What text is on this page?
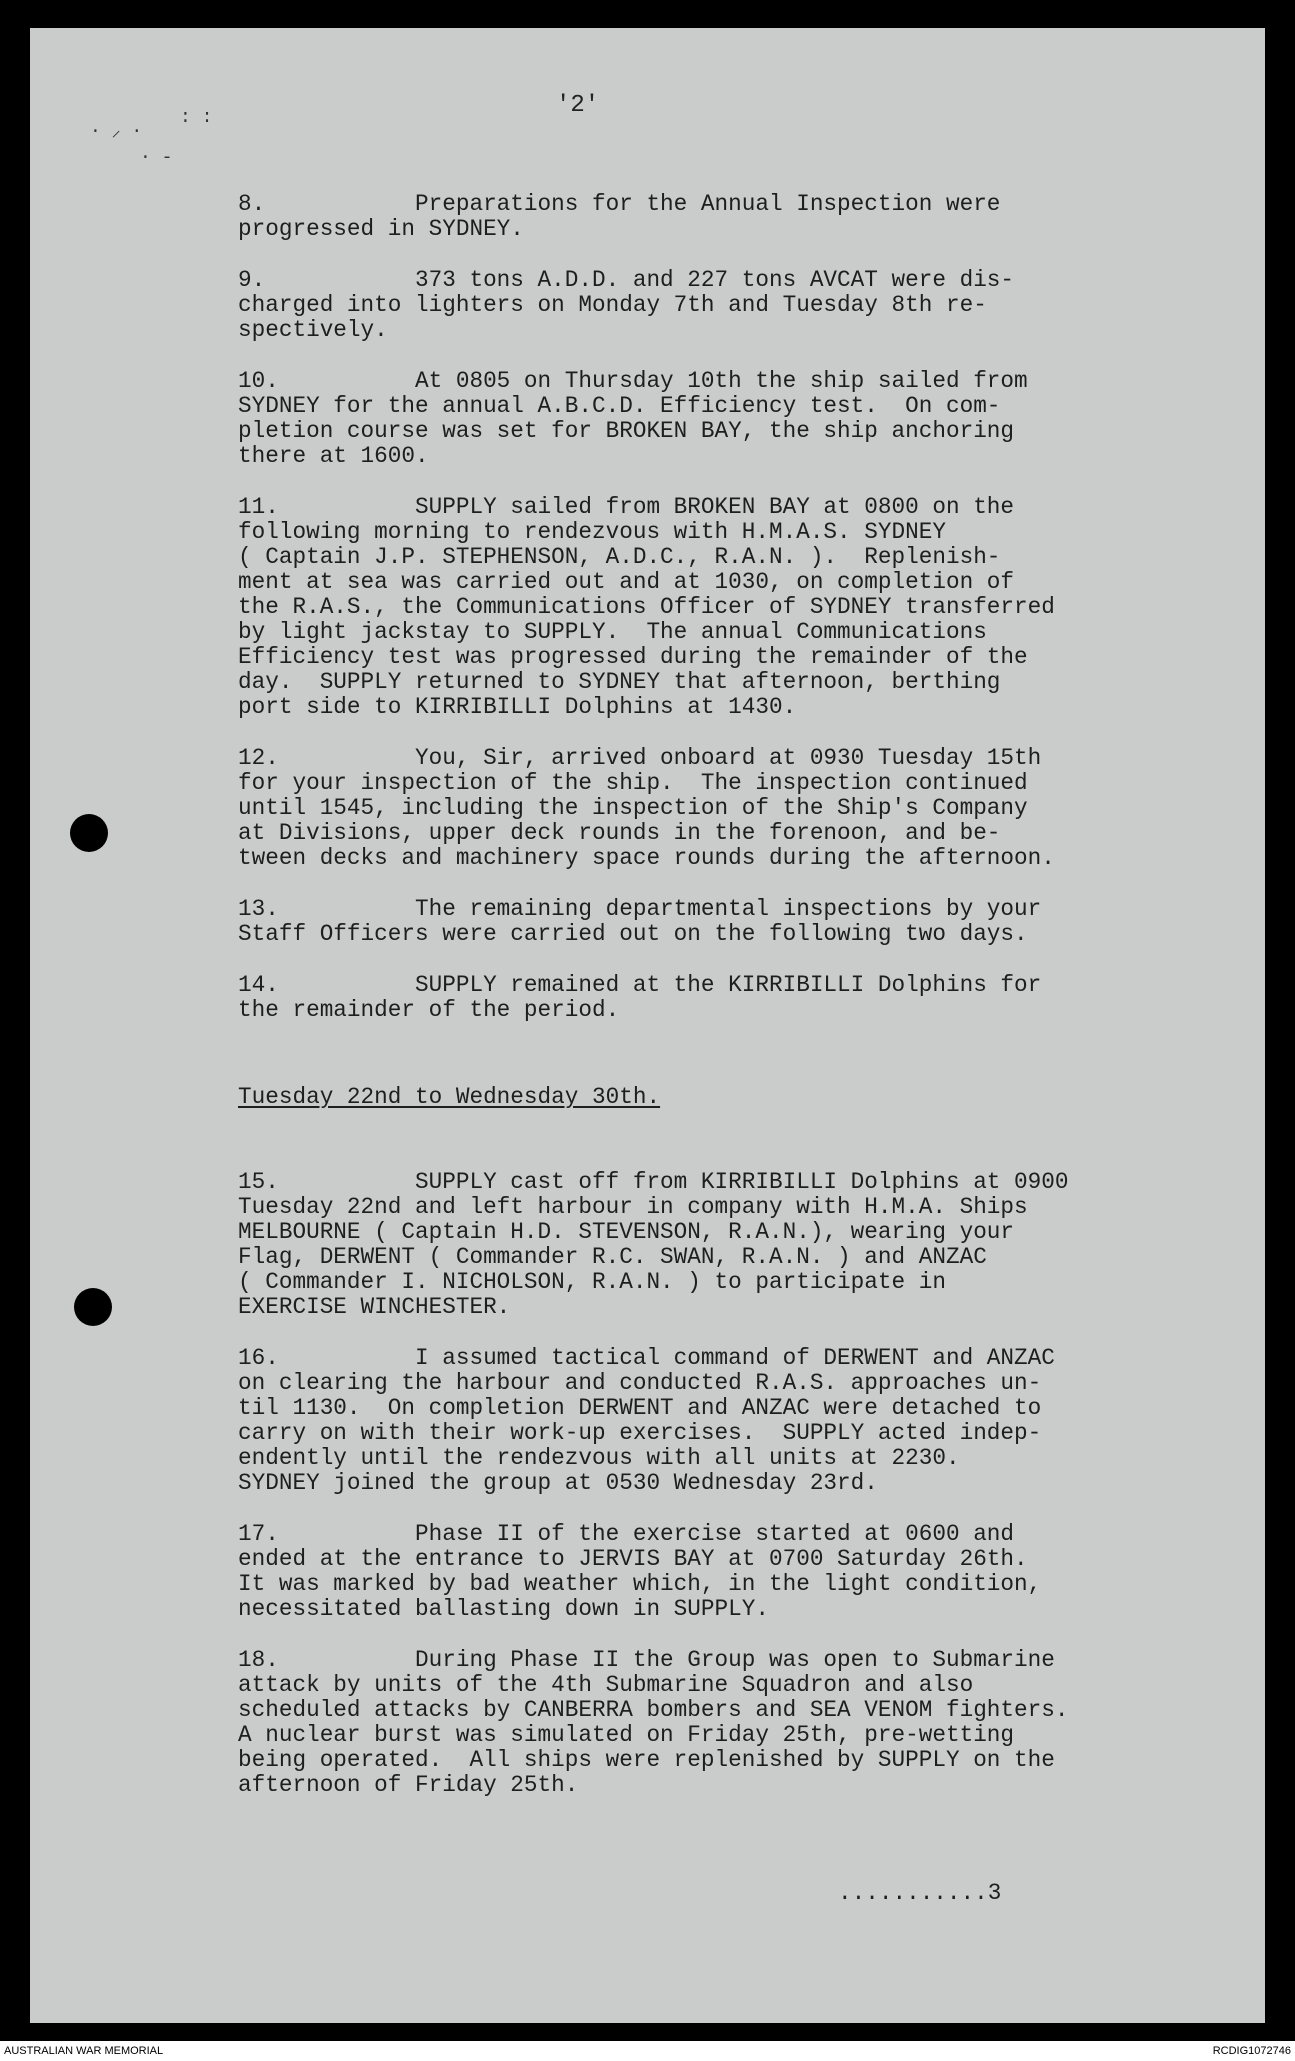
· ⸝ ·
· -
: :	'2'
8.           Preparations for the Annual Inspection were
progressed in SYDNEY.
9.           373 tons A.D.D. and 227 tons AVCAT were dis-
charged into lighters on Monday 7th and Tuesday 8th re-
spectively.
10.          At 0805 on Thursday 10th the ship sailed from
SYDNEY for the annual A.B.C.D. Efficiency test.  On com-
pletion course was set for BROKEN BAY, the ship anchoring
there at 1600.
11.          SUPPLY sailed from BROKEN BAY at 0800 on the
following morning to rendezvous with H.M.A.S. SYDNEY
( Captain J.P. STEPHENSON, A.D.C., R.A.N. ).  Replenish-
ment at sea was carried out and at 1030, on completion of
the R.A.S., the Communications Officer of SYDNEY transferred
by light jackstay to SUPPLY.  The annual Communications
Efficiency test was progressed during the remainder of the
day.  SUPPLY returned to SYDNEY that afternoon, berthing
port side to KIRRIBILLI Dolphins at 1430.
12.          You, Sir, arrived onboard at 0930 Tuesday 15th
for your inspection of the ship.  The inspection continued
until 1545, including the inspection of the Ship's Company
at Divisions, upper deck rounds in the forenoon, and be-
tween decks and machinery space rounds during the afternoon.
13.          The remaining departmental inspections by your
Staff Officers were carried out on the following two days.
14.          SUPPLY remained at the KIRRIBILLI Dolphins for
the remainder of the period.
Tuesday 22nd to Wednesday 30th.
15.          SUPPLY cast off from KIRRIBILLI Dolphins at 0900
Tuesday 22nd and left harbour in company with H.M.A. Ships
MELBOURNE ( Captain H.D. STEVENSON, R.A.N.), wearing your
Flag, DERWENT ( Commander R.C. SWAN, R.A.N. ) and ANZAC
( Commander I. NICHOLSON, R.A.N. ) to participate in
EXERCISE WINCHESTER.
16.          I assumed tactical command of DERWENT and ANZAC
on clearing the harbour and conducted R.A.S. approaches un-
til 1130.  On completion DERWENT and ANZAC were detached to
carry on with their work-up exercises.  SUPPLY acted indep-
endently until the rendezvous with all units at 2230.
SYDNEY joined the group at 0530 Wednesday 23rd.
17.          Phase II of the exercise started at 0600 and
ended at the entrance to JERVIS BAY at 0700 Saturday 26th.
It was marked by bad weather which, in the light condition,
necessitated ballasting down in SUPPLY.
18.          During Phase II the Group was open to Submarine
attack by units of the 4th Submarine Squadron and also
scheduled attacks by CANBERRA bombers and SEA VENOM fighters.
A nuclear burst was simulated on Friday 25th, pre-wetting
being operated.  All ships were replenished by SUPPLY on the
afternoon of Friday 25th.
...........3
AUSTRALIAN WAR MEMORIAL	RCDIG1072746
